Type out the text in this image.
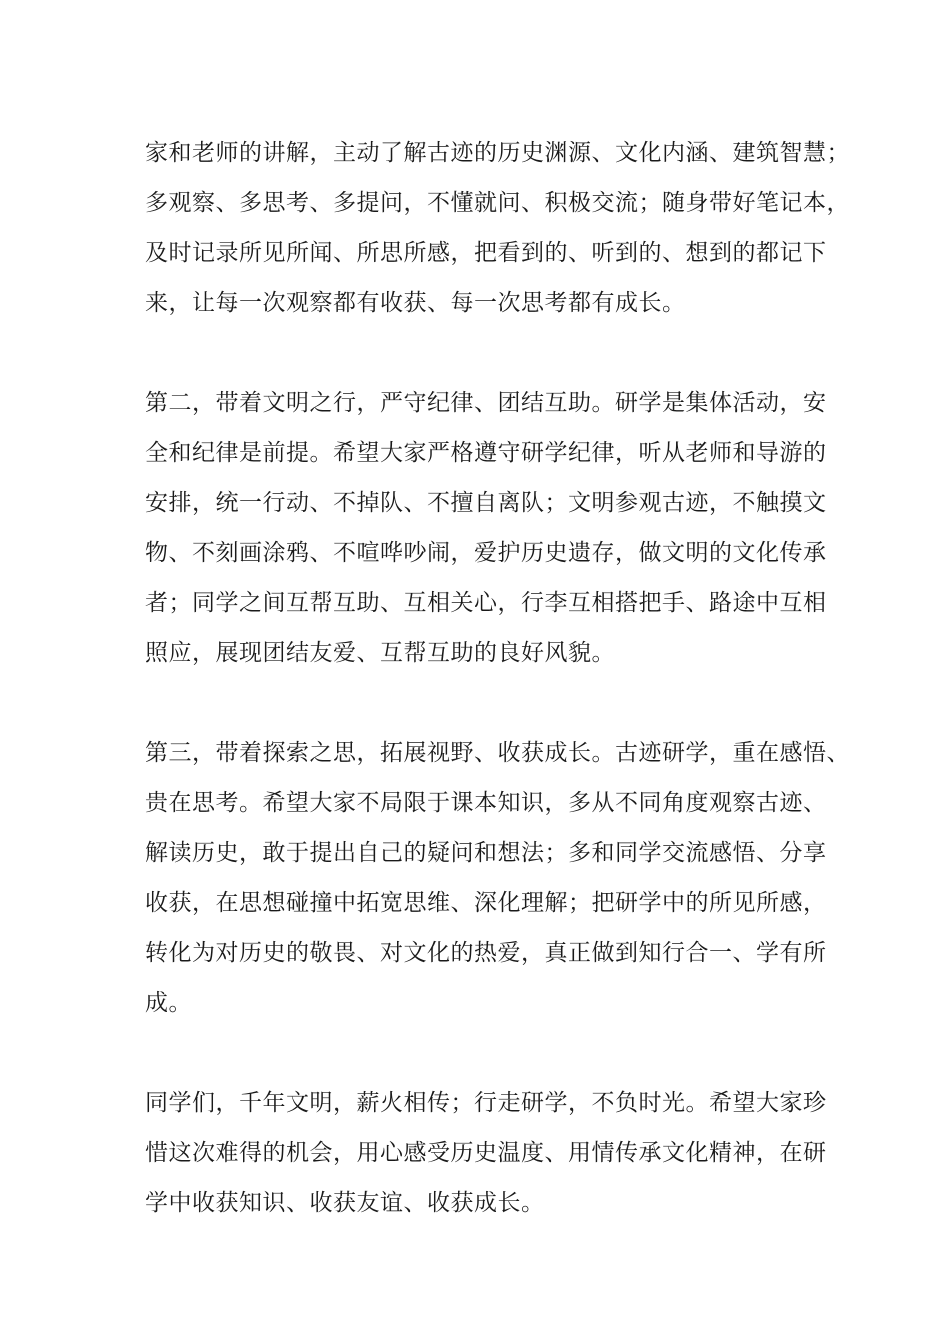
家和老师的讲解，主动了解古迹的历史渊源、文化内涵、建筑智慧；
多观察、多思考、多提问，不懂就问、积极交流；随身带好笔记本，
及时记录所见所闻、所思所感，把看到的、听到的、想到的都记下
来，让每一次观察都有收获、每一次思考都有成长。
第二，带着文明之行，严守纪律、团结互助。研学是集体活动，安
全和纪律是前提。希望大家严格遵守研学纪律，听从老师和导游的
安排，统一行动、不掉队、不擅自离队；文明参观古迹，不触摸文
物、不刻画涂鸦、不喧哗吵闹，爱护历史遗存，做文明的文化传承
者；同学之间互帮互助、互相关心，行李互相搭把手、路途中互相
照应，展现团结友爱、互帮互助的良好风貌。
第三，带着探索之思，拓展视野、收获成长。古迹研学，重在感悟、
贵在思考。希望大家不局限于课本知识，多从不同角度观察古迹、
解读历史，敢于提出自己的疑问和想法；多和同学交流感悟、分享
收获，在思想碰撞中拓宽思维、深化理解；把研学中的所见所感，
转化为对历史的敬畏、对文化的热爱，真正做到知行合一、学有所
成。
同学们，千年文明，薪火相传；行走研学，不负时光。希望大家珍
惜这次难得的机会，用心感受历史温度、用情传承文化精神，在研
学中收获知识、收获友谊、收获成长。
